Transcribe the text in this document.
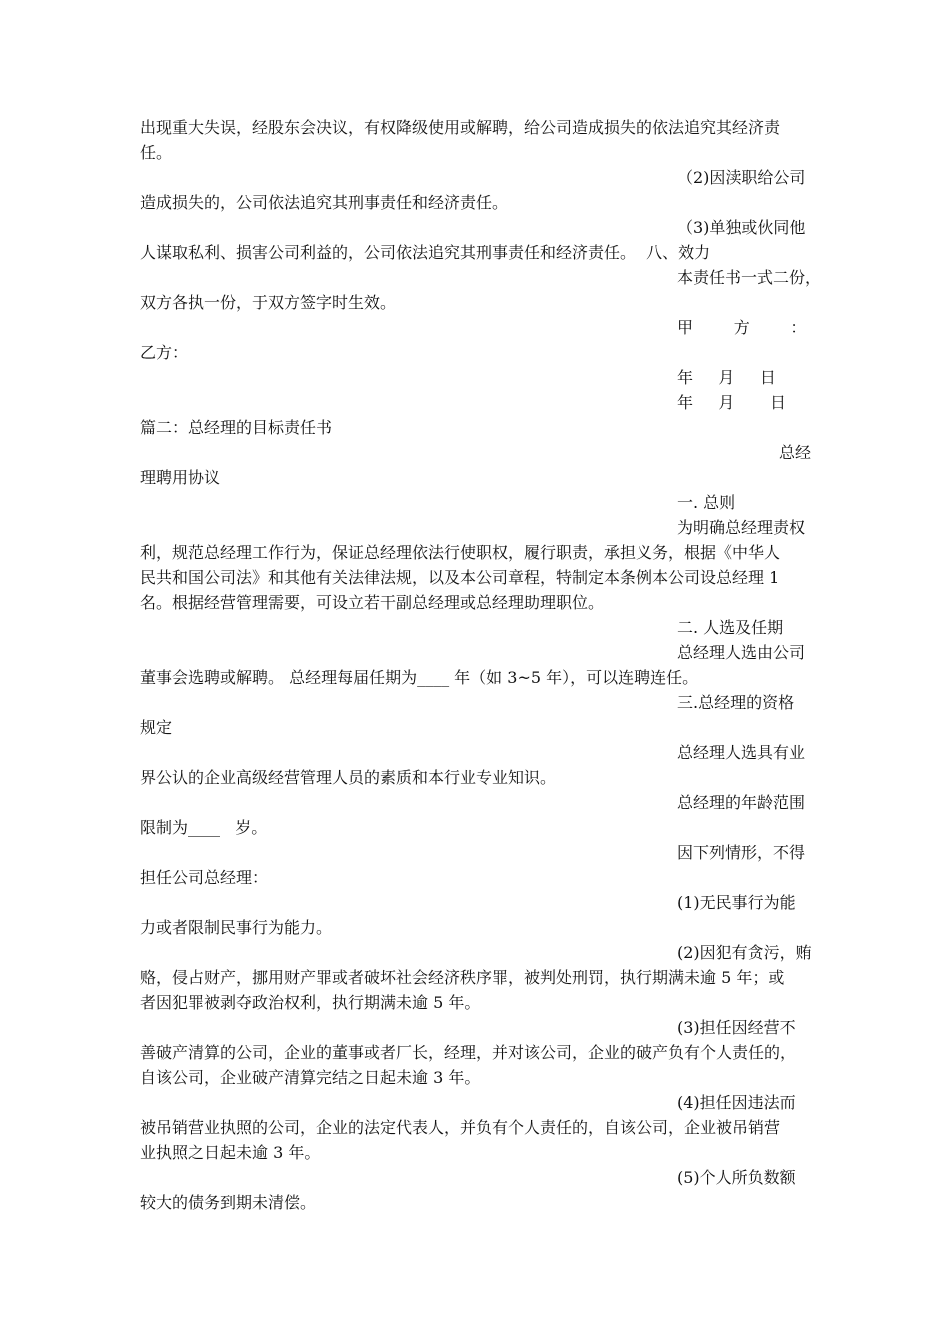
出现重大失误，经股东会决议，有权降级使用或解聘，给公司造成损失的依法追究其经济责
任。
（2)因渎职给公司
造成损失的，公司依法追究其刑事责任和经济责任。
（3)单独或伙同他
人谋取私利、损害公司利益的，公司依法追究其刑事责任和经济责任。  八、效力
本责任书一式二份，
双方各执一份，于双方签字时生效。
甲        方        ：
乙方：
年     月     日
年     月       日
篇二：总经理的目标责任书
总经
理聘用协议
一. 总则
为明确总经理责权
利，规范总经理工作行为，保证总经理依法行使职权，履行职责，承担义务，根据《中华人
民共和国公司法》和其他有关法律法规，以及本公司章程，特制定本条例本公司设总经理 1
名。根据经营管理需要，可设立若干副总经理或总经理助理职位。
二. 人选及任期
总经理人选由公司
董事会选聘或解聘。 总经理每届任期为____ 年（如 3~5 年），可以连聘连任。
三.总经理的资格
规定
总经理人选具有业
界公认的企业高级经营管理人员的素质和本行业专业知识。
总经理的年龄范围
限制为____   岁。
因下列情形，不得
担任公司总经理：
(1)无民事行为能
力或者限制民事行为能力。
(2)因犯有贪污，贿
赂，侵占财产，挪用财产罪或者破坏社会经济秩序罪，被判处刑罚，执行期满未逾 5 年；或
者因犯罪被剥夺政治权利，执行期满未逾 5 年。
(3)担任因经营不
善破产清算的公司，企业的董事或者厂长，经理，并对该公司，企业的破产负有个人责任的，
自该公司，企业破产清算完结之日起未逾 3 年。
(4)担任因违法而
被吊销营业执照的公司，企业的法定代表人，并负有个人责任的，自该公司，企业被吊销营
业执照之日起未逾 3 年。
(5)个人所负数额
较大的债务到期未清偿。
